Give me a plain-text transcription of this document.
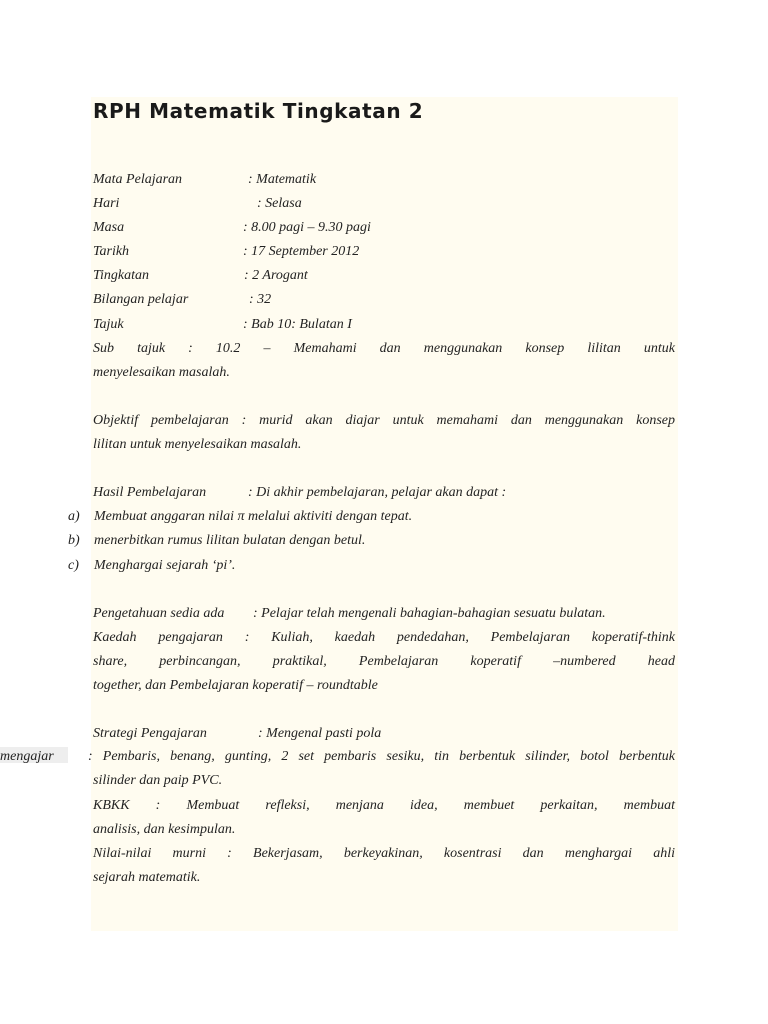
RPH Matematik Tingkatan 2
Mata Pelajaran	: Matematik
Hari	: Selasa
Masa	: 8.00 pagi – 9.30 pagi
Tarikh	: 17 September 2012
Tingkatan	: 2 Arogant
Bilangan pelajar	: 32
Tajuk	: Bab 10: Bulatan I
Sub tajuk : 10.2 – Memahami dan menggunakan konsep lilitan untuk
menyelesaikan masalah.
Objektif pembelajaran : murid akan diajar untuk memahami dan menggunakan konsep
lilitan untuk menyelesaikan masalah.
Hasil Pembelajaran	: Di akhir pembelajaran, pelajar akan dapat :
a) Membuat anggaran nilai π melalui aktiviti dengan tepat.
b) menerbitkan rumus lilitan bulatan dengan betul.
c) Menghargai sejarah ‘pi’.
Pengetahuan sedia ada : Pelajar telah mengenali bahagian-bahagian sesuatu bulatan.
Kaedah pengajaran : Kuliah, kaedah pendedahan, Pembelajaran koperatif-think
share, perbincangan, praktikal, Pembelajaran koperatif –numbered head
together, dan Pembelajaran koperatif – roundtable
Strategi Pengajaran	: Mengenal pasti pola
mengajar : Pembaris, benang, gunting, 2 set pembaris sesiku, tin berbentuk silinder, botol berbentuk
silinder dan paip PVC.
KBKK : Membuat refleksi, menjana idea, membuet perkaitan, membuat
analisis, dan kesimpulan.
Nilai-nilai murni : Bekerjasam, berkeyakinan, kosentrasi dan menghargai ahli
sejarah matematik.
